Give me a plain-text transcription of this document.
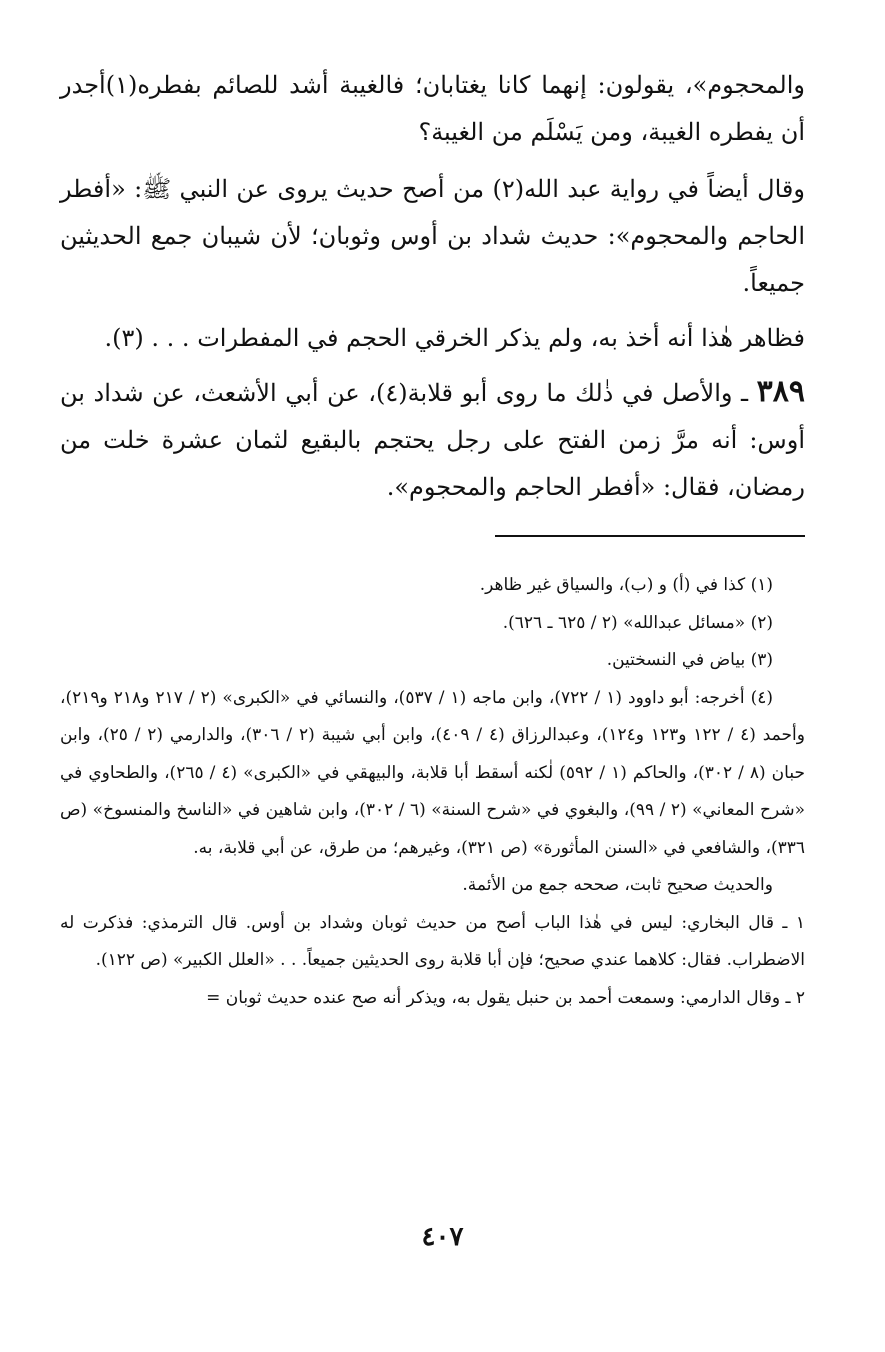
والمحجوم»، يقولون: إنهما كانا يغتابان؛ فالغيبة أشد للصائم بفطره(١)أجدر أن يفطره الغيبة، ومن يَسْلَم من الغيبة؟

وقال أيضاً في رواية عبد الله(٢) من أصح حديث يروى عن النبي ﷺ: «أفطر الحاجم والمحجوم»: حديث شداد بن أوس وثوبان؛ لأن شيبان جمع الحديثين جميعاً.

فظاهر هٰذا أنه أخذ به، ولم يذكر الخرقي الحجم في المفطرات . . . (٣).

٣٨٩ ـ والأصل في ذٰلك ما روى أبو قلابة(٤)، عن أبي الأشعث، عن شداد بن أوس: أنه مرَّ زمن الفتح على رجل يحتجم بالبقيع لثمان عشرة خلت من رمضان، فقال: «أفطر الحاجم والمحجوم».

(١) كذا في (أ) و (ب)، والسياق غير ظاهر.

(٢) «مسائل عبدالله» (٢ / ٦٢٥ ـ ٦٢٦).

(٣) بياض في النسختين.

(٤) أخرجه: أبو داوود (١ / ٧٢٢)، وابن ماجه (١ / ٥٣٧)، والنسائي في «الكبرى» (٢ / ٢١٧ و٢١٨ و٢١٩)، وأحمد (٤ / ١٢٢ و١٢٣ و١٢٤)، وعبدالرزاق (٤ / ٤٠٩)، وابن أبي شيبة (٢ / ٣٠٦)، والدارمي (٢ / ٢٥)، وابن حبان (٨ / ٣٠٢)، والحاكم (١ / ٥٩٢) لٰكنه أسقط أبا قلابة، والبيهقي في «الكبرى» (٤ / ٢٦٥)، والطحاوي في «شرح المعاني» (٢ / ٩٩)، والبغوي في «شرح السنة» (٦ / ٣٠٢)، وابن شاهين في «الناسخ والمنسوخ» (ص ٣٣٦)، والشافعي في «السنن المأثورة» (ص ٣٢١)، وغيرهم؛ من طرق، عن أبي قلابة، به.

والحديث صحيح ثابت، صححه جمع من الأئمة.

١ ـ قال البخاري: ليس في هٰذا الباب أصح من حديث ثوبان وشداد بن أوس. قال الترمذي: فذكرت له الاضطراب. فقال: كلاهما عندي صحيح؛ فإن أبا قلابة روى الحديثين جميعاً. . . «العلل الكبير» (ص ١٢٢).

٢ ـ وقال الدارمي: وسمعت أحمد بن حنبل يقول به، ويذكر أنه صح عنده حديث ثوبان =

٤٠٧
